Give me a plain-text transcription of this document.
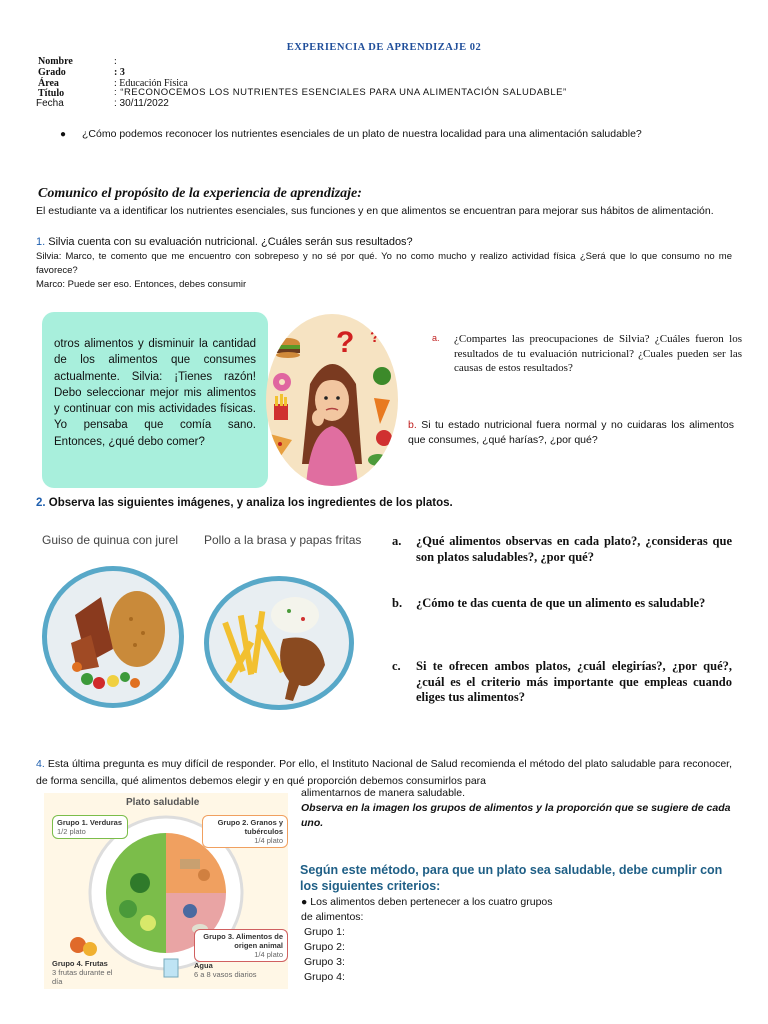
EXPERIENCIA DE APRENDIZAJE 02
Nombre	:
Grado	: 3
Área	: Educación Física
Título	: “RECONOCEMOS LOS NUTRIENTES ESENCIALES PARA UNA ALIMENTACIÓN SALUDABLE”
Fecha	: 30/11/2022
● ¿Cómo podemos reconocer los nutrientes esenciales de un plato de nuestra localidad para una alimentación saludable?
Comunico el propósito de la experiencia de aprendizaje:
El estudiante va a identificar los nutrientes esenciales, sus funciones y en que alimentos se encuentran para mejorar sus hábitos de alimentación.
1. Silvia cuenta con su evaluación nutricional. ¿Cuáles serán sus resultados?
Silvia: Marco, te comento que me encuentro con sobrepeso y no sé por qué. Yo no como mucho y realizo actividad física ¿Será que lo que consumo no me favorece?
Marco: Puede ser eso. Entonces, debes consumir
otros alimentos y disminuir la cantidad de los alimentos que consumes actualmente. Silvia: ¡Tienes razón! Debo seleccionar mejor mis alimentos y continuar con mis actividades físicas. Yo pensaba que comía sano. Entonces, ¿qué debo comer?
? ?	a. ¿Compartes las preocupaciones de Silvia? ¿Cuáles fueron los resultados de tu evaluación nutricional? ¿Cuales pueden ser las causas de estos resultados?
b. Si tu estado nutricional fuera normal y no cuidaras los alimentos que consumes, ¿qué harías?, ¿por qué?
2. Observa las siguientes imágenes, y analiza los ingredientes de los platos.
Guiso de quinua con jurel Pollo a la brasa y papas fritas a.	¿Qué alimentos observas en cada plato?, ¿consideras que son platos saludables?, ¿por qué?
b.	¿Cómo te das cuenta de que un alimento es saludable?
c.	Si te ofrecen ambos platos, ¿cuál elegirías?, ¿por qué?, ¿cuál es el criterio más importante que empleas cuando eliges tus alimentos?
4. Esta última pregunta es muy difícil de responder. Por ello, el Instituto Nacional de Salud recomienda el método del plato saludable para reconocer, de forma sencilla, qué alimentos debemos elegir y en qué proporción debemos consumirlos para
alimentarnos de manera saludable.
Observa en la imagen los grupos de alimentos y la proporción que se sugiere de cada uno.
Plato saludable
Grupo 1. Verduras
1/2 plato
Grupo 2. Granos y tubérculos
1/4 plato
Grupo 3. Alimentos de origen animal
1/4 plato
Grupo 4. Frutas
3 frutas durante el día
Agua
6 a 8 vasos diarios
Según este método, para que un plato sea saludable, debe cumplir con los siguientes criterios:
● Los alimentos deben pertenecer a los cuatro grupos
de alimentos:
Grupo 1:
Grupo 2:
Grupo 3:
Grupo 4:
